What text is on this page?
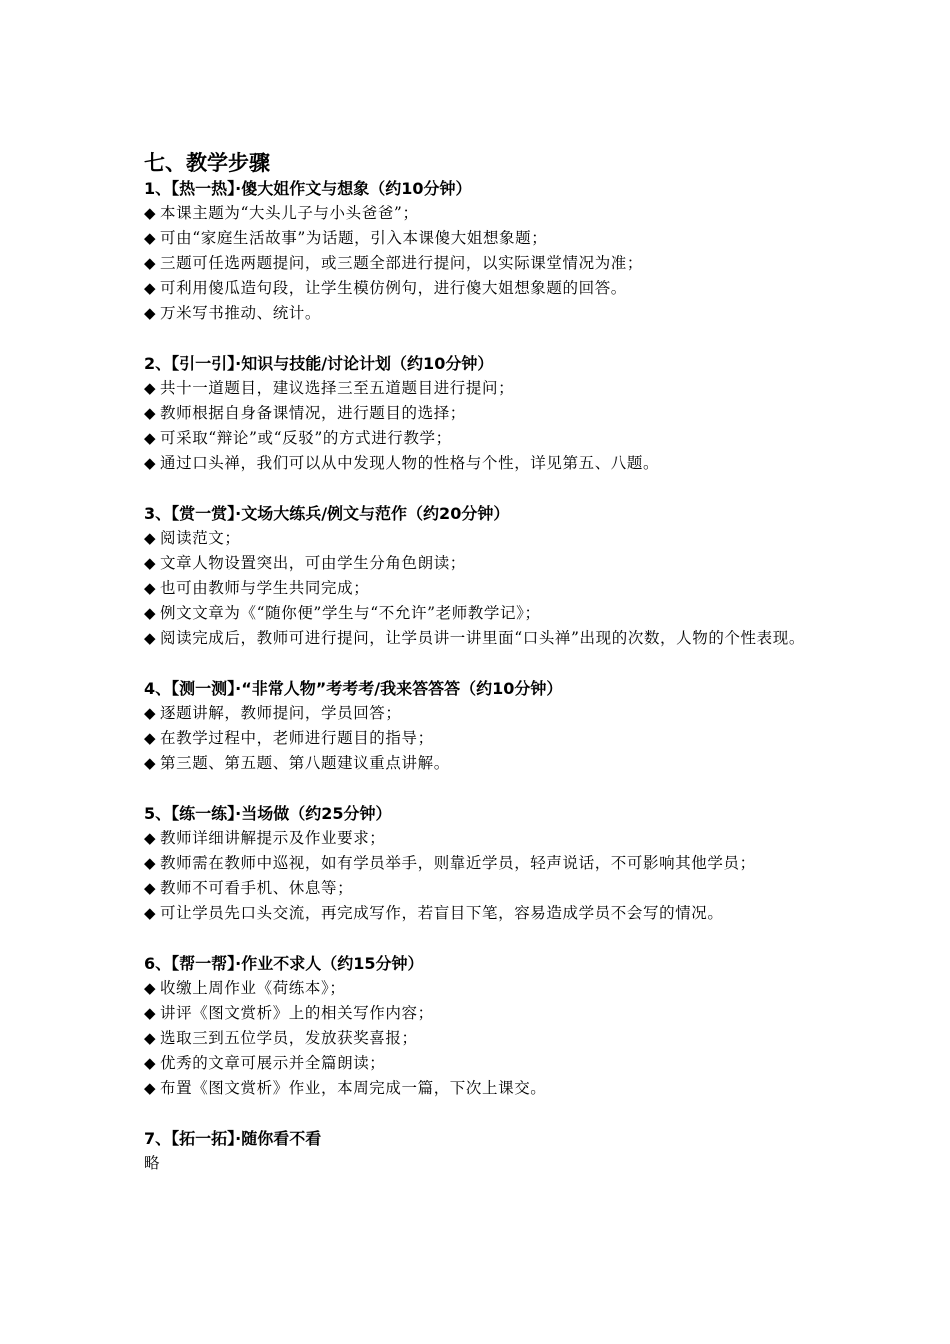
七、教学步骤
1、【热一热】·傻大姐作文与想象（约10分钟）
◆ 本课主题为“大头儿子与小头爸爸”；
◆ 可由“家庭生活故事”为话题，引入本课傻大姐想象题；
◆ 三题可任选两题提问，或三题全部进行提问，以实际课堂情况为准；
◆ 可利用傻瓜造句段，让学生模仿例句，进行傻大姐想象题的回答。
◆ 万米写书推动、统计。
2、【引一引】·知识与技能/讨论计划（约10分钟）
◆ 共十一道题目，建议选择三至五道题目进行提问；
◆ 教师根据自身备课情况，进行题目的选择；
◆ 可采取“辩论”或“反驳”的方式进行教学；
◆ 通过口头禅，我们可以从中发现人物的性格与个性，详见第五、八题。
3、【赏一赏】·文场大练兵/例文与范作（约20分钟）
◆ 阅读范文；
◆ 文章人物设置突出，可由学生分角色朗读；
◆ 也可由教师与学生共同完成；
◆ 例文文章为《“随你便”学生与“不允许”老师教学记》；
◆ 阅读完成后，教师可进行提问，让学员讲一讲里面“口头禅”出现的次数，人物的个性表现。
4、【测一测】·“非常人物”考考考/我来答答答（约10分钟）
◆ 逐题讲解，教师提问，学员回答；
◆ 在教学过程中，老师进行题目的指导；
◆ 第三题、第五题、第八题建议重点讲解。
5、【练一练】·当场做（约25分钟）
◆ 教师详细讲解提示及作业要求；
◆ 教师需在教师中巡视，如有学员举手，则靠近学员，轻声说话，不可影响其他学员；
◆ 教师不可看手机、休息等；
◆ 可让学员先口头交流，再完成写作，若盲目下笔，容易造成学员不会写的情况。
6、【帮一帮】·作业不求人（约15分钟）
◆ 收缴上周作业《荷练本》；
◆ 讲评《图文赏析》上的相关写作内容；
◆ 选取三到五位学员，发放获奖喜报；
◆ 优秀的文章可展示并全篇朗读；
◆ 布置《图文赏析》作业，本周完成一篇，下次上课交。
7、【拓一拓】·随你看不看
略
